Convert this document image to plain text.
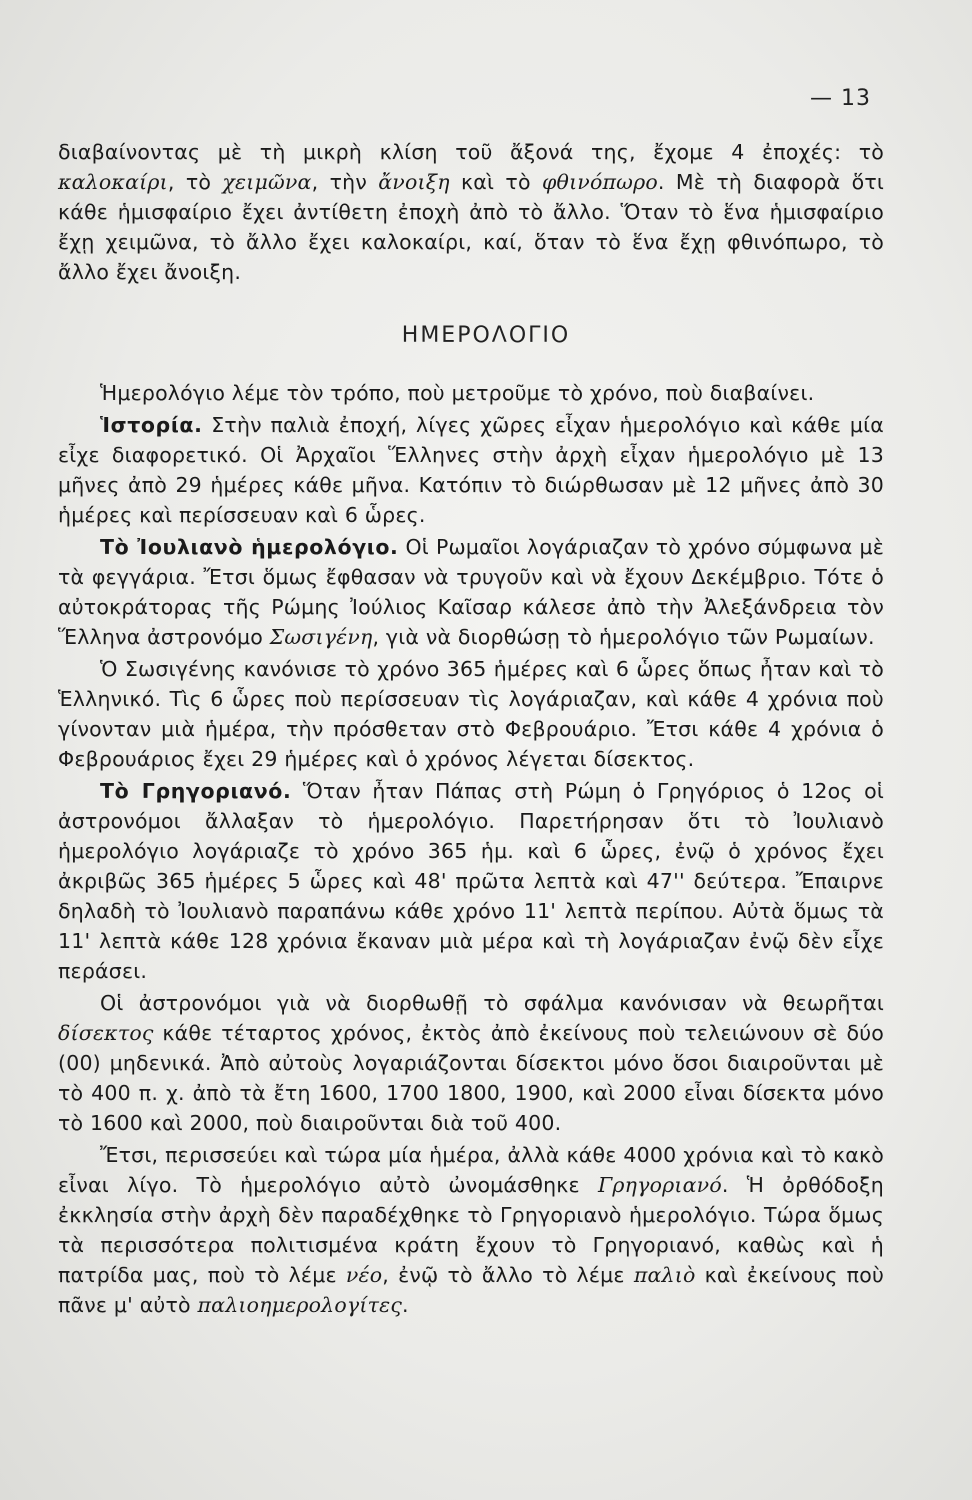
— 13
διαβαίνοντας μὲ τὴ μικρὴ κλίση τοῦ ἄξονά της, ἔχομε 4 ἐποχές: τὸ καλοκαίρι, τὸ χειμῶνα, τὴν ἄνοιξη καὶ τὸ φθινόπωρο. Μὲ τὴ διαφορὰ ὅτι κάθε ἡμισφαίριο ἔχει ἀντίθετη ἐποχὴ ἀπὸ τὸ ἄλλο. Ὅταν τὸ ἕνα ἡμισφαίριο ἔχῃ χειμῶνα, τὸ ἄλλο ἔχει καλοκαίρι, καί, ὅταν τὸ ἕνα ἔχῃ φθινόπωρο, τὸ ἄλλο ἔχει ἄνοιξη.
ΗΜΕΡΟΛΟΓΙΟ

Ἡμερολόγιο λέμε τὸν τρόπο, ποὺ μετροῦμε τὸ χρόνο, ποὺ διαβαίνει.

Ἱστορία. Στὴν παλιὰ ἐποχή, λίγες χῶρες εἶχαν ἡμερολόγιο καὶ κάθε μία εἶχε διαφορετικό. Οἱ Ἀρχαῖοι Ἕλληνες στὴν ἀρχὴ εἶχαν ἡμερολόγιο μὲ 13 μῆνες ἀπὸ 29 ἡμέρες κάθε μῆνα. Κατόπιν τὸ διώρθωσαν μὲ 12 μῆνες ἀπὸ 30 ἡμέρες καὶ περίσσευαν καὶ 6 ὧρες.

Τὸ Ἰουλιανὸ ἡμερολόγιο. Οἱ Ρωμαῖοι λογάριαζαν τὸ χρόνο σύμφωνα μὲ τὰ φεγγάρια. Ἔτσι ὅμως ἔφθασαν νὰ τρυγοῦν καὶ νὰ ἔχουν Δεκέμβριο. Τότε ὁ αὐτοκράτορας τῆς Ρώμης Ἰούλιος Καῖσαρ κάλεσε ἀπὸ τὴν Ἀλεξάνδρεια τὸν Ἕλληνα ἀστρονόμο Σωσιγένη, γιὰ νὰ διορθώσῃ τὸ ἡμερολόγιο τῶν Ρωμαίων.

Ὁ Σωσιγένης κανόνισε τὸ χρόνο 365 ἡμέρες καὶ 6 ὧρες ὅπως ἦταν καὶ τὸ Ἑλληνικό. Τὶς 6 ὧρες ποὺ περίσσευαν τὶς λογάριαζαν, καὶ κάθε 4 χρόνια ποὺ γίνονταν μιὰ ἡμέρα, τὴν πρόσθεταν στὸ Φεβρουάριο. Ἔτσι κάθε 4 χρόνια ὁ Φεβρουάριος ἔχει 29 ἡμέρες καὶ ὁ χρόνος λέγεται δίσεκτος.

Τὸ Γρηγοριανό. Ὅταν ἦταν Πάπας στὴ Ρώμη ὁ Γρηγόριος ὁ 12ος οἱ ἀστρονόμοι ἄλλαξαν τὸ ἡμερολόγιο. Παρετήρησαν ὅτι τὸ Ἰουλιανὸ ἡμερολόγιο λογάριαζε τὸ χρόνο 365 ἡμ. καὶ 6 ὧρες, ἐνῷ ὁ χρόνος ἔχει ἀκριβῶς 365 ἡμέρες 5 ὧρες καὶ 48' πρῶτα λεπτὰ καὶ 47'' δεύτερα. Ἔπαιρνε δηλαδὴ τὸ Ἰουλιανὸ παραπάνω κάθε χρόνο 11' λεπτὰ περίπου. Αὐτὰ ὅμως τὰ 11' λεπτὰ κάθε 128 χρόνια ἔκαναν μιὰ μέρα καὶ τὴ λογάριαζαν ἐνῷ δὲν εἶχε περάσει.

Οἱ ἀστρονόμοι γιὰ νὰ διορθωθῇ τὸ σφάλμα κανόνισαν νὰ θεωρῆται δίσεκτος κάθε τέταρτος χρόνος, ἐκτὸς ἀπὸ ἐκείνους ποὺ τελειώνουν σὲ δύο (00) μηδενικά. Ἀπὸ αὐτοὺς λογαριάζονται δίσεκτοι μόνο ὅσοι διαιροῦνται μὲ τὸ 400 π. χ. ἀπὸ τὰ ἔτη 1600, 1700 1800, 1900, καὶ 2000 εἶναι δίσεκτα μόνο τὸ 1600 καὶ 2000, ποὺ διαιροῦνται διὰ τοῦ 400.

Ἔτσι, περισσεύει καὶ τώρα μία ἡμέρα, ἀλλὰ κάθε 4000 χρόνια καὶ τὸ κακὸ εἶναι λίγο. Τὸ ἡμερολόγιο αὐτὸ ὠνομάσθηκε Γρηγοριανό. Ἡ ὀρθόδοξη ἐκκλησία στὴν ἀρχὴ δὲν παραδέχθηκε τὸ Γρηγοριανὸ ἡμερολόγιο. Τώρα ὅμως τὰ περισσότερα πολιτισμένα κράτη ἔχουν τὸ Γρηγοριανό, καθὼς καὶ ἡ πατρίδα μας, ποὺ τὸ λέμε νέο, ἐνῷ τὸ ἄλλο τὸ λέμε παλιὸ καὶ ἐκείνους ποὺ πᾶνε μ' αὐτὸ παλιοημερολογίτες.
